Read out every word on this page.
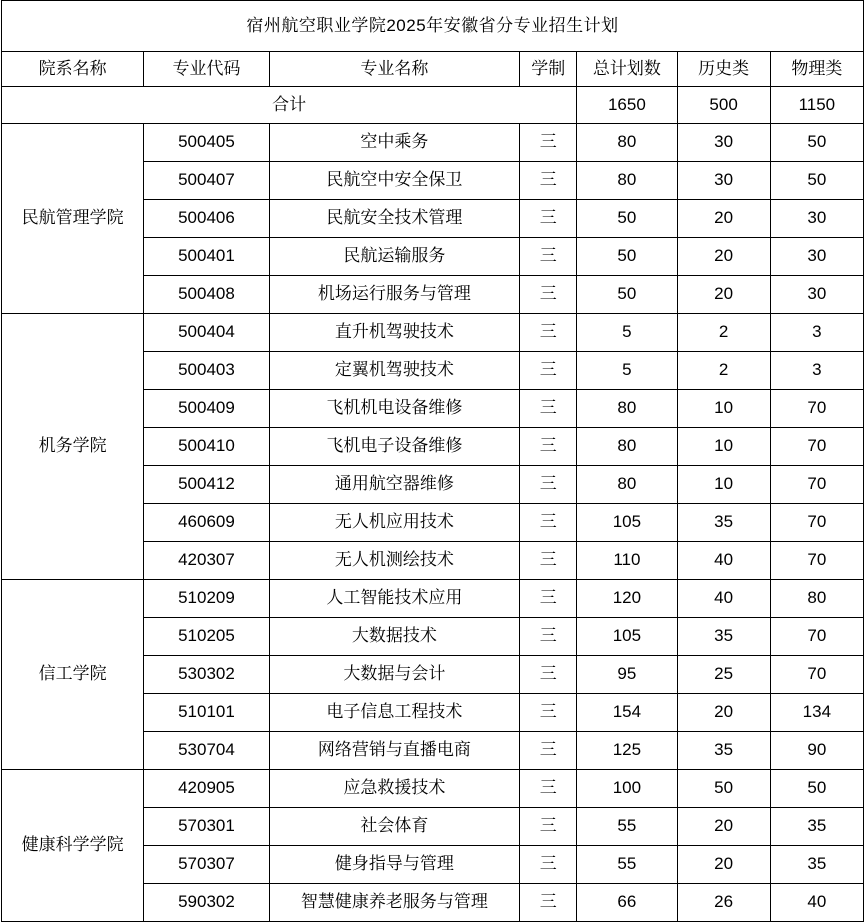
宿州航空职业学院2025年安徽省分专业招生计划						
院系名称	专业代码	专业名称	学制	总计划数	历史类	物理类
合计				1650	500	1150
民航管理学院	500405	空中乘务	三	80	30	50
	500407	民航空中安全保卫	三	80	30	50
	500406	民航安全技术管理	三	50	20	30
	500401	民航运输服务	三	50	20	30
	500408	机场运行服务与管理	三	50	20	30
机务学院	500404	直升机驾驶技术	三	5	2	3
	500403	定翼机驾驶技术	三	5	2	3
	500409	飞机机电设备维修	三	80	10	70
	500410	飞机电子设备维修	三	80	10	70
	500412	通用航空器维修	三	80	10	70
	460609	无人机应用技术	三	105	35	70
	420307	无人机测绘技术	三	110	40	70
信工学院	510209	人工智能技术应用	三	120	40	80
	510205	大数据技术	三	105	35	70
	530302	大数据与会计	三	95	25	70
	510101	电子信息工程技术	三	154	20	134
	530704	网络营销与直播电商	三	125	35	90
健康科学学院	420905	应急救援技术	三	100	50	50
	570301	社会体育	三	55	20	35
	570307	健身指导与管理	三	55	20	35
	590302	智慧健康养老服务与管理	三	66	26	40
